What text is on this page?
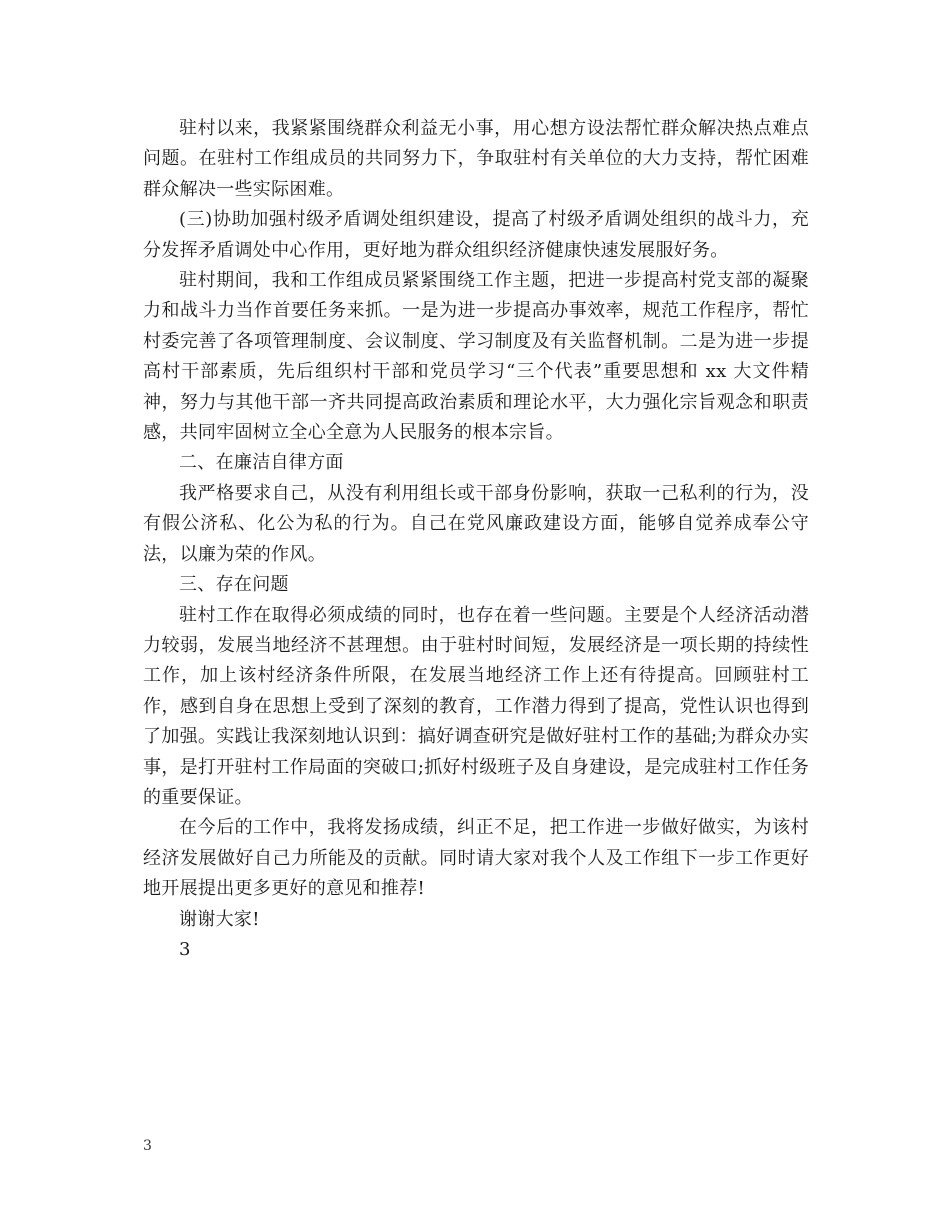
驻村以来，我紧紧围绕群众利益无小事，用心想方设法帮忙群众解决热点难点问题。在驻村工作组成员的共同努力下，争取驻村有关单位的大力支持，帮忙困难群众解决一些实际困难。

(三)协助加强村级矛盾调处组织建设，提高了村级矛盾调处组织的战斗力，充分发挥矛盾调处中心作用，更好地为群众组织经济健康快速发展服好务。

驻村期间，我和工作组成员紧紧围绕工作主题，把进一步提高村党支部的凝聚力和战斗力当作首要任务来抓。一是为进一步提高办事效率，规范工作程序，帮忙村委完善了各项管理制度、会议制度、学习制度及有关监督机制。二是为进一步提高村干部素质，先后组织村干部和党员学习“三个代表”重要思想和 xx 大文件精神，努力与其他干部一齐共同提高政治素质和理论水平，大力强化宗旨观念和职责感，共同牢固树立全心全意为人民服务的根本宗旨。

二、在廉洁自律方面

我严格要求自己，从没有利用组长或干部身份影响，获取一己私利的行为，没有假公济私、化公为私的行为。自己在党风廉政建设方面，能够自觉养成奉公守法，以廉为荣的作风。

三、存在问题

驻村工作在取得必须成绩的同时，也存在着一些问题。主要是个人经济活动潜力较弱，发展当地经济不甚理想。由于驻村时间短，发展经济是一项长期的持续性工作，加上该村经济条件所限，在发展当地经济工作上还有待提高。回顾驻村工作，感到自身在思想上受到了深刻的教育，工作潜力得到了提高，党性认识也得到了加强。实践让我深刻地认识到：搞好调查研究是做好驻村工作的基础;为群众办实事，是打开驻村工作局面的突破口;抓好村级班子及自身建设，是完成驻村工作任务的重要保证。

在今后的工作中，我将发扬成绩，纠正不足，把工作进一步做好做实，为该村经济发展做好自己力所能及的贡献。同时请大家对我个人及工作组下一步工作更好地开展提出更多更好的意见和推荐!

谢谢大家!

3

3
